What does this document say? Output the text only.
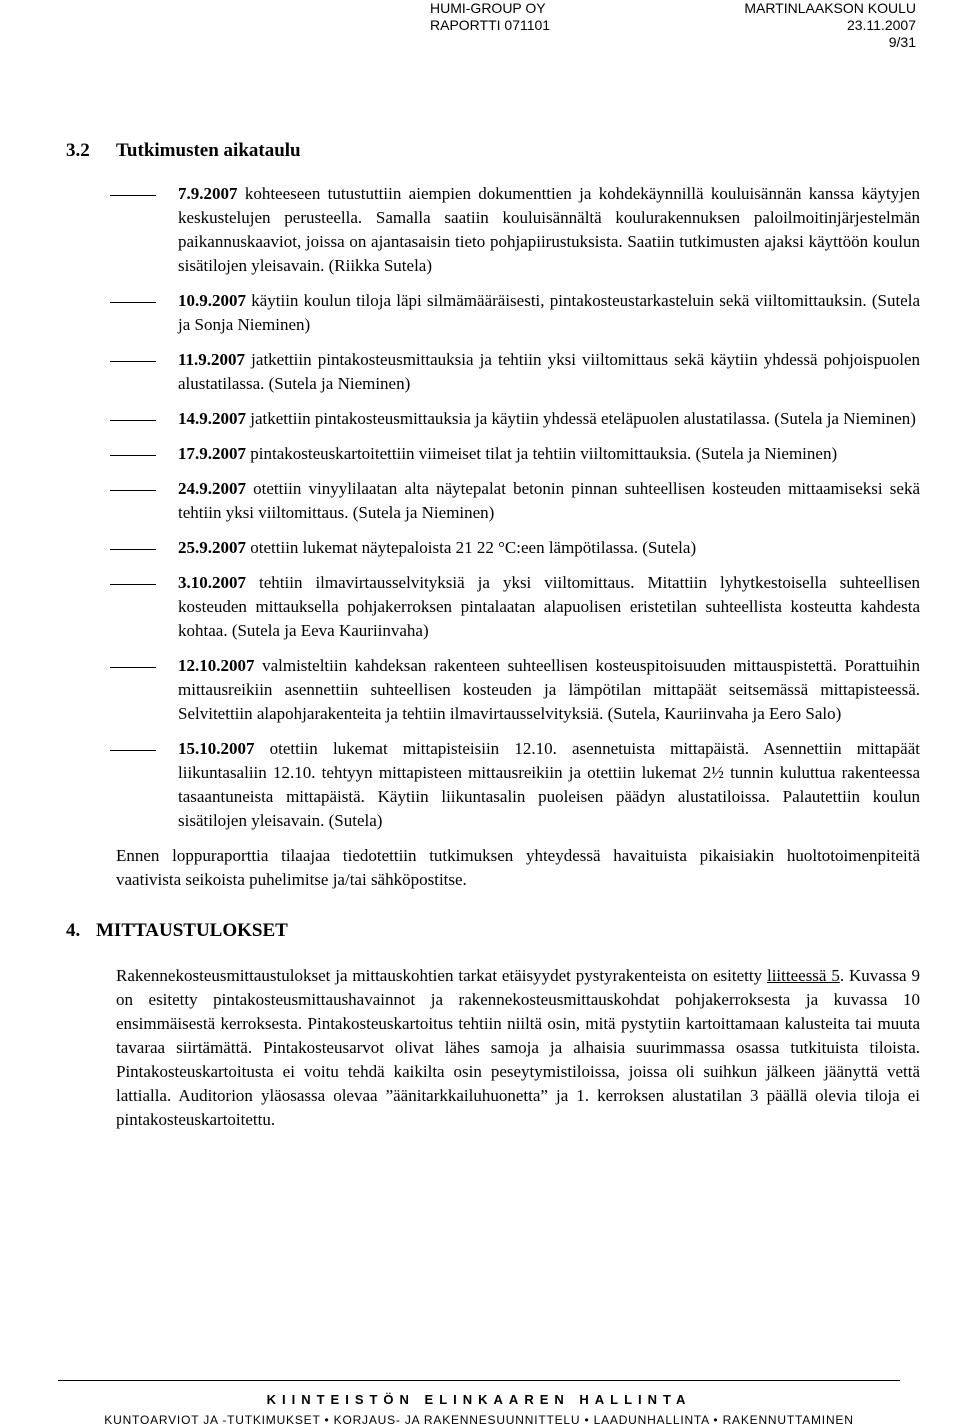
HUMI-GROUP OY
RAPORTTI 071101
MARTINLAAKSON KOULU
23.11.2007
9/31
3.2 Tutkimusten aikataulu
7.9.2007 kohteeseen tutustuttiin aiempien dokumenttien ja kohdekäynnillä kouluisännän kanssa käytyjen keskustelujen perusteella. Samalla saatiin kouluisännältä koulurakennuksen paloilmoitinjärjestelmän paikannuskaaviot, joissa on ajantasaisin tieto pohjapiirustuksista. Saatiin tutkimusten ajaksi käyttöön koulun sisätilojen yleisavain. (Riikka Sutela)
10.9.2007 käytiin koulun tiloja läpi silmämääräisesti, pintakosteustarkasteluin sekä viiltomittauksin. (Sutela ja Sonja Nieminen)
11.9.2007 jatkettiin pintakosteusmittauksia ja tehtiin yksi viiltomittaus sekä käytiin yhdessä pohjoispuolen alustatilassa. (Sutela ja Nieminen)
14.9.2007 jatkettiin pintakosteusmittauksia ja käytiin yhdessä eteläpuolen alustatilassa. (Sutela ja Nieminen)
17.9.2007 pintakosteuskartoitettiin viimeiset tilat ja tehtiin viiltomittauksia. (Sutela ja Nieminen)
24.9.2007 otettiin vinyylilaatan alta näytepalat betonin pinnan suhteellisen kosteuden mittaamiseksi sekä tehtiin yksi viiltomittaus. (Sutela ja Nieminen)
25.9.2007 otettiin lukemat näytepaloista 21 22 °C:een lämpötilassa. (Sutela)
3.10.2007 tehtiin ilmavirtausselvityksiä ja yksi viiltomittaus. Mitattiin lyhytkestoisella suhteellisen kosteuden mittauksella pohjakerroksen pintalaatan alapuolisen eristetilan suhteellista kosteutta kahdesta kohtaa. (Sutela ja Eeva Kauriinvaha)
12.10.2007 valmisteltiin kahdeksan rakenteen suhteellisen kosteuspitoisuuden mittauspistettä. Porattuihin mittausreikiin asennettiin suhteellisen kosteuden ja lämpötilan mittapäät seitsemässä mittapisteessä. Selvitettiin alapohjarakenteita ja tehtiin ilmavirtausselvityksiä. (Sutela, Kauriinvaha ja Eero Salo)
15.10.2007 otettiin lukemat mittapisteisiin 12.10. asennetuista mittapäistä. Asennettiin mittapäät liikuntasaliin 12.10. tehtyyn mittapisteen mittausreikiin ja otettiin lukemat 2½ tunnin kuluttua rakenteessa tasaantuneista mittapäistä. Käytiin liikuntasalin puoleisen päädyn alustatiloissa. Palautettiin koulun sisätilojen yleisavain. (Sutela)

Ennen loppuraporttia tilaajaa tiedotettiin tutkimuksen yhteydessä havaituista pikaisiakin huoltotoimenpiteitä vaativista seikoista puhelimitse ja/tai sähköpostitse.

4. MITTAUSTULOKSET

Rakennekosteusmittaustulokset ja mittauskohtien tarkat etäisyydet pystyrakenteista on esitetty liitteessä 5. Kuvassa 9 on esitetty pintakosteusmittaushavainnot ja rakennekosteusmittauskohdat pohjakerroksesta ja kuvassa 10 ensimmäisestä kerroksesta. Pintakosteuskartoitus tehtiin niiltä osin, mitä pystytiin kartoittamaan kalusteita tai muuta tavaraa siirtämättä. Pintakosteusarvot olivat lähes samoja ja alhaisia suurimmassa osassa tutkituista tiloista. Pintakosteuskartoitusta ei voitu tehdä kaikilta osin peseytymistiloissa, joissa oli suihkun jälkeen jäänyttä vettä lattialla. Auditorion yläosassa olevaa ”äänitarkkailuhuonetta” ja 1. kerroksen alustatilan 3 päällä olevia tiloja ei pintakosteuskartoitettu.

KIINTEISTÖN ELINKAAREN HALLINTA
KUNTOARVIOT JA -TUTKIMUKSET • KORJAUS- JA RAKENNESUUNNITTELU • LAADUNHALLINTA • RAKENNUTTAMINEN
